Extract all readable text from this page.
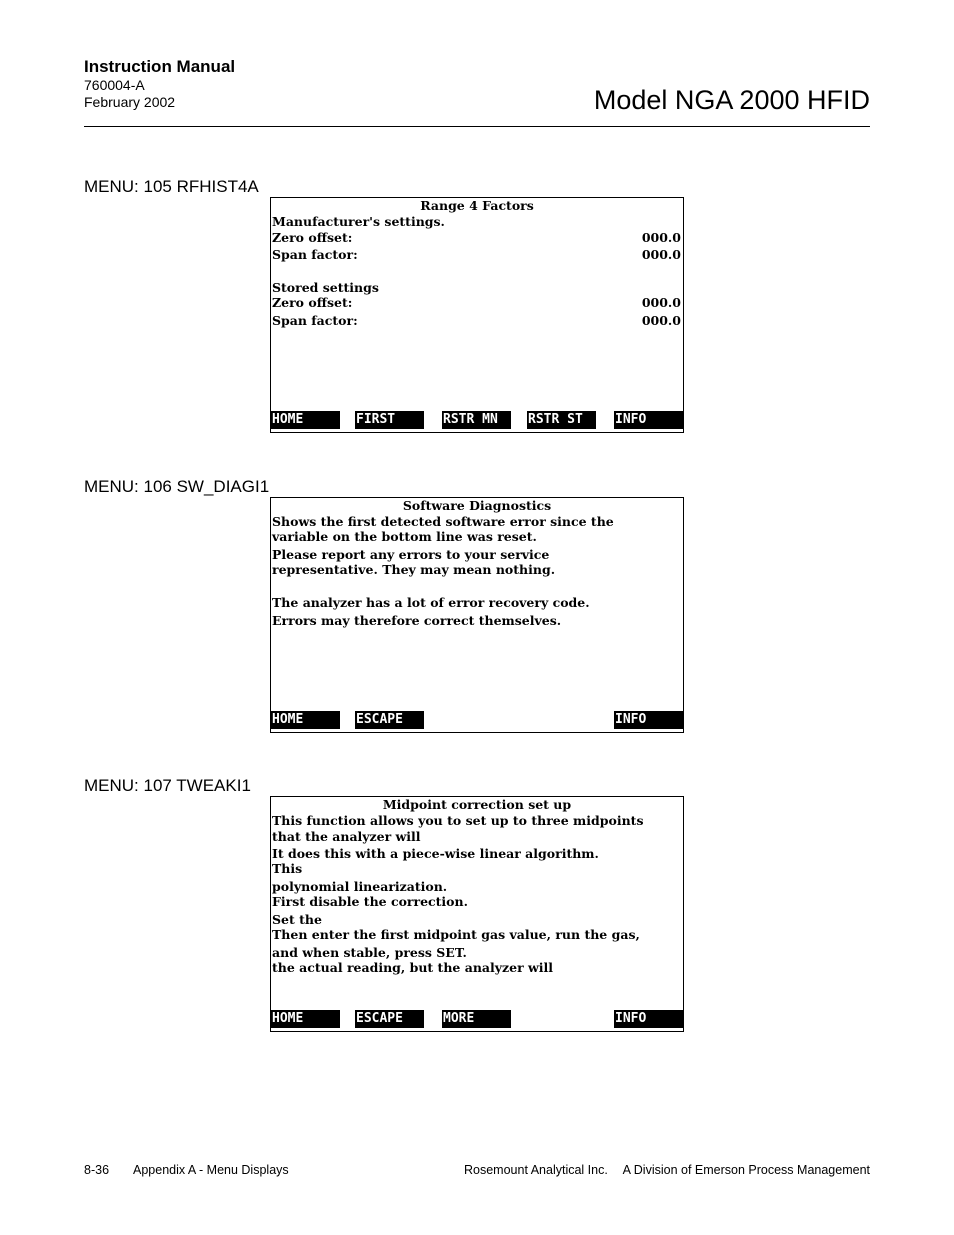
Instruction Manual
760004-A
February 2002	Model NGA 2000 HFID
MENU: 105 RFHIST4A
Range 4 Factors
Manufacturer's settings.
Zero offset:	000.0
Span factor:	000.0
Stored settings
Zero offset:	000.0
Span factor:	000.0
HOME	FIRST	RSTR MN	RSTR ST	INFO
MENU: 106 SW_DIAGI1
Software Diagnostics
Shows the first detected software error since the
variable on the bottom line was reset.
Please report any errors to your service
representative. They may mean nothing.
The analyzer has a lot of error recovery code.
Errors may therefore correct themselves.
HOME	ESCAPE	INFO
MENU: 107 TWEAKI1
Midpoint correction set up
This function allows you to set up to three midpoints
that the analyzer will
It does this with a piece-wise linear algorithm.
This
polynomial linearization.
First disable the correction.
Set the
Then enter the first midpoint gas value, run the gas,
and when stable, press SET.
the actual reading, but the analyzer will
HOME	ESCAPE	MORE	INFO
8-36 Appendix A - Menu Displays	Rosemount Analytical Inc. A Division of Emerson Process Management
